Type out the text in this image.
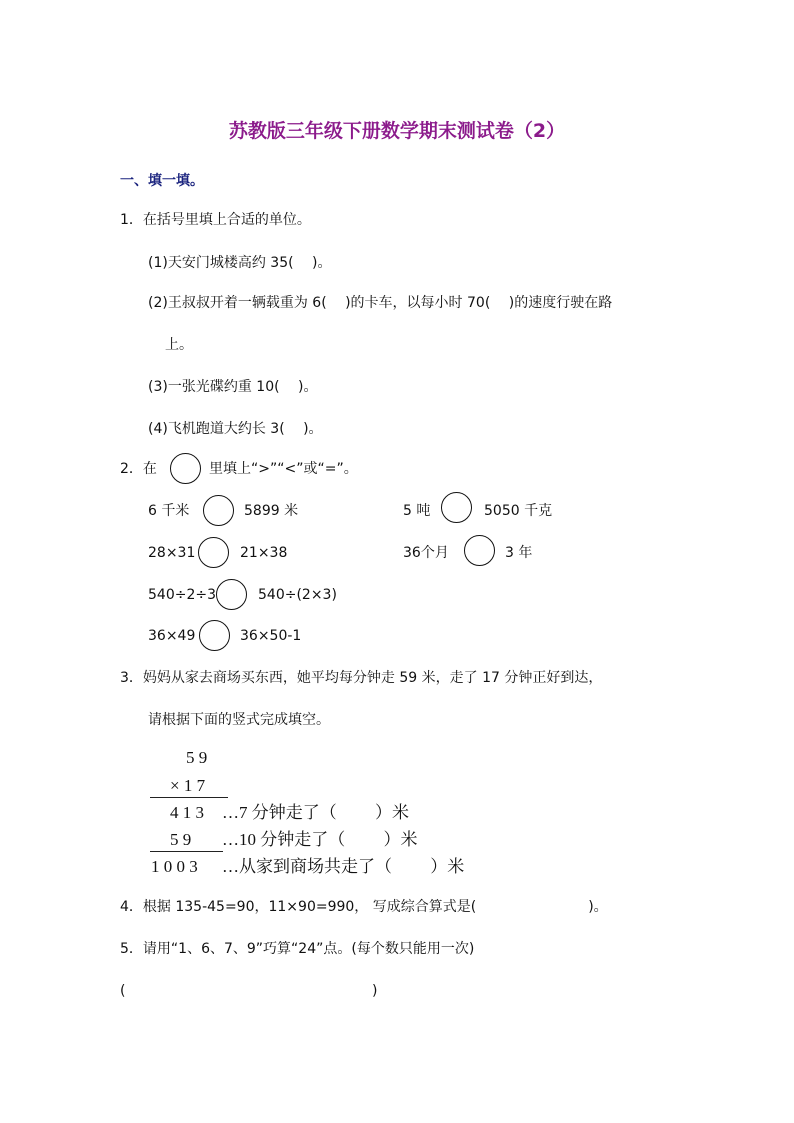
苏教版三年级下册数学期末测试卷（2）
一、填一填。
1．在括号里填上合适的单位。
(1)天安门城楼高约 35(　 )。
(2)王叔叔开着一辆载重为 6(　 )的卡车，以每小时 70(　 )的速度行驶在路
上。
(3)一张光碟约重 10(　 )。
(4)飞机跑道大约长 3(　 )。
2．在	里填上“>”“<”或“=”。
6 千米	5899 米	5 吨	5050 千克
28×31	21×38	36个月	3 年
540÷2÷3	540÷(2×3)
36×49	36×50-1
3．妈妈从家去商场买东西，她平均每分钟走 59 米，走了 17 分钟正好到达，
请根据下面的竖式完成填空。
5 9
× 1 7
4 1 3 …7 分钟走了（　　 ）米
5 9 …10 分钟走了（　　 ）米
1 0 0 3 …从家到商场共走了（　　 ）米
4．根据 135-45=90，11×90=990， 写成综合算式是(　　　　　　　　)。
5．请用“1、6、7、9”巧算“24”点。(每个数只能用一次)
(	)
